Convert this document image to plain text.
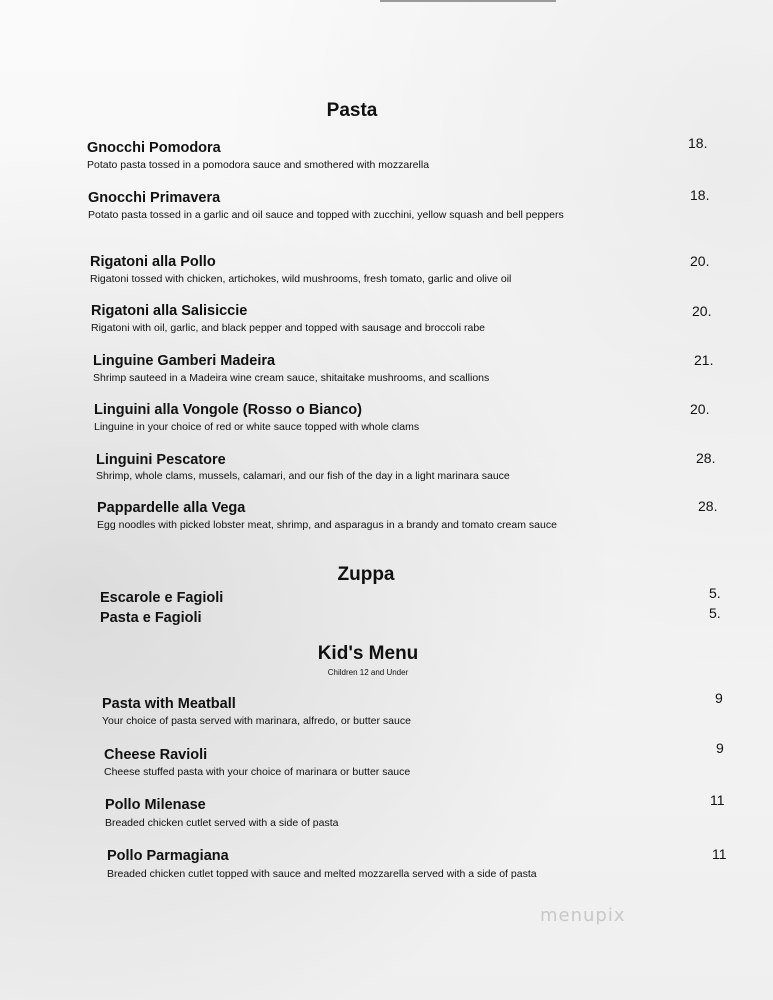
Pasta
Gnocchi Pomodora
Potato pasta tossed in a pomodora sauce and smothered with mozzarella
18.
Gnocchi Primavera
Potato pasta tossed in a garlic and oil sauce and topped with zucchini, yellow squash and bell peppers
18.
Rigatoni alla Pollo
Rigatoni tossed with chicken, artichokes, wild mushrooms, fresh tomato, garlic and olive oil
20.
Rigatoni alla Salisiccie
Rigatoni with oil, garlic, and black pepper and topped with sausage and broccoli rabe
20.
Linguine Gamberi Madeira
Shrimp sauteed in a Madeira wine cream sauce, shitaitake mushrooms, and scallions
21.
Linguini alla Vongole (Rosso o Bianco)
Linguine in your choice of red or white sauce topped with whole clams
20.
Linguini Pescatore
Shrimp, whole clams, mussels, calamari, and our fish of the day in a light marinara sauce
28.
Pappardelle alla Vega
Egg noodles with picked lobster meat, shrimp, and asparagus in a brandy and tomato cream sauce
28.
Zuppa
Escarole e Fagioli	5.
Pasta e Fagioli	5.
Kid's Menu
Children 12 and Under
Pasta with Meatball
Your choice of pasta served with marinara, alfredo, or butter sauce
9
Cheese Ravioli
Cheese stuffed pasta with your choice of marinara or butter sauce
9
Pollo Milenase
Breaded chicken cutlet served with a side of pasta
11
Pollo Parmagiana
Breaded chicken cutlet topped with sauce and melted mozzarella served with a side of pasta
11
menupix
